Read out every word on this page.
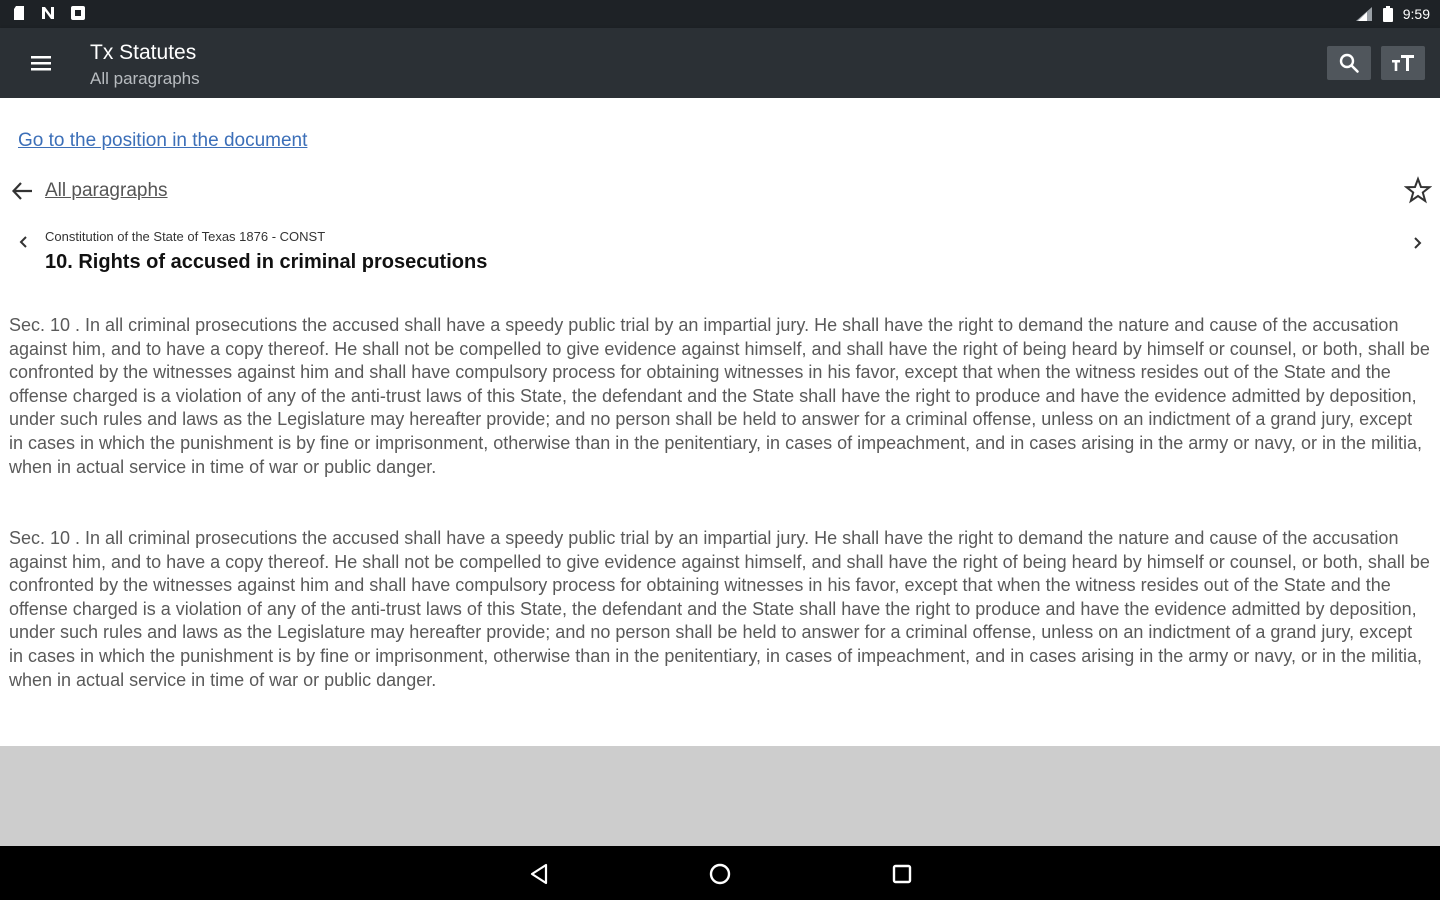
9:59
Tx Statutes
All paragraphs
Go to the position in the document
All paragraphs
Constitution of the State of Texas 1876 - CONST
10. Rights of accused in criminal prosecutions

Sec. 10 . In all criminal prosecutions the accused shall have a speedy public trial by an impartial jury. He shall have the right to demand the nature and cause of the accusation against him, and to have a copy thereof. He shall not be compelled to give evidence against himself, and shall have the right of being heard by himself or counsel, or both, shall be confronted by the witnesses against him and shall have compulsory process for obtaining witnesses in his favor, except that when the witness resides out of the State and the offense charged is a violation of any of the anti-trust laws of this State, the defendant and the State shall have the right to produce and have the evidence admitted by deposition, under such rules and laws as the Legislature may hereafter provide; and no person shall be held to answer for a criminal offense, unless on an indictment of a grand jury, except in cases in which the punishment is by fine or imprisonment, otherwise than in the penitentiary, in cases of impeachment, and in cases arising in the army or navy, or in the militia, when in actual service in time of war or public danger.

Sec. 10 . In all criminal prosecutions the accused shall have a speedy public trial by an impartial jury. He shall have the right to demand the nature and cause of the accusation against him, and to have a copy thereof. He shall not be compelled to give evidence against himself, and shall have the right of being heard by himself or counsel, or both, shall be confronted by the witnesses against him and shall have compulsory process for obtaining witnesses in his favor, except that when the witness resides out of the State and the offense charged is a violation of any of the anti-trust laws of this State, the defendant and the State shall have the right to produce and have the evidence admitted by deposition, under such rules and laws as the Legislature may hereafter provide; and no person shall be held to answer for a criminal offense, unless on an indictment of a grand jury, except in cases in which the punishment is by fine or imprisonment, otherwise than in the penitentiary, in cases of impeachment, and in cases arising in the army or navy, or in the militia, when in actual service in time of war or public danger.
